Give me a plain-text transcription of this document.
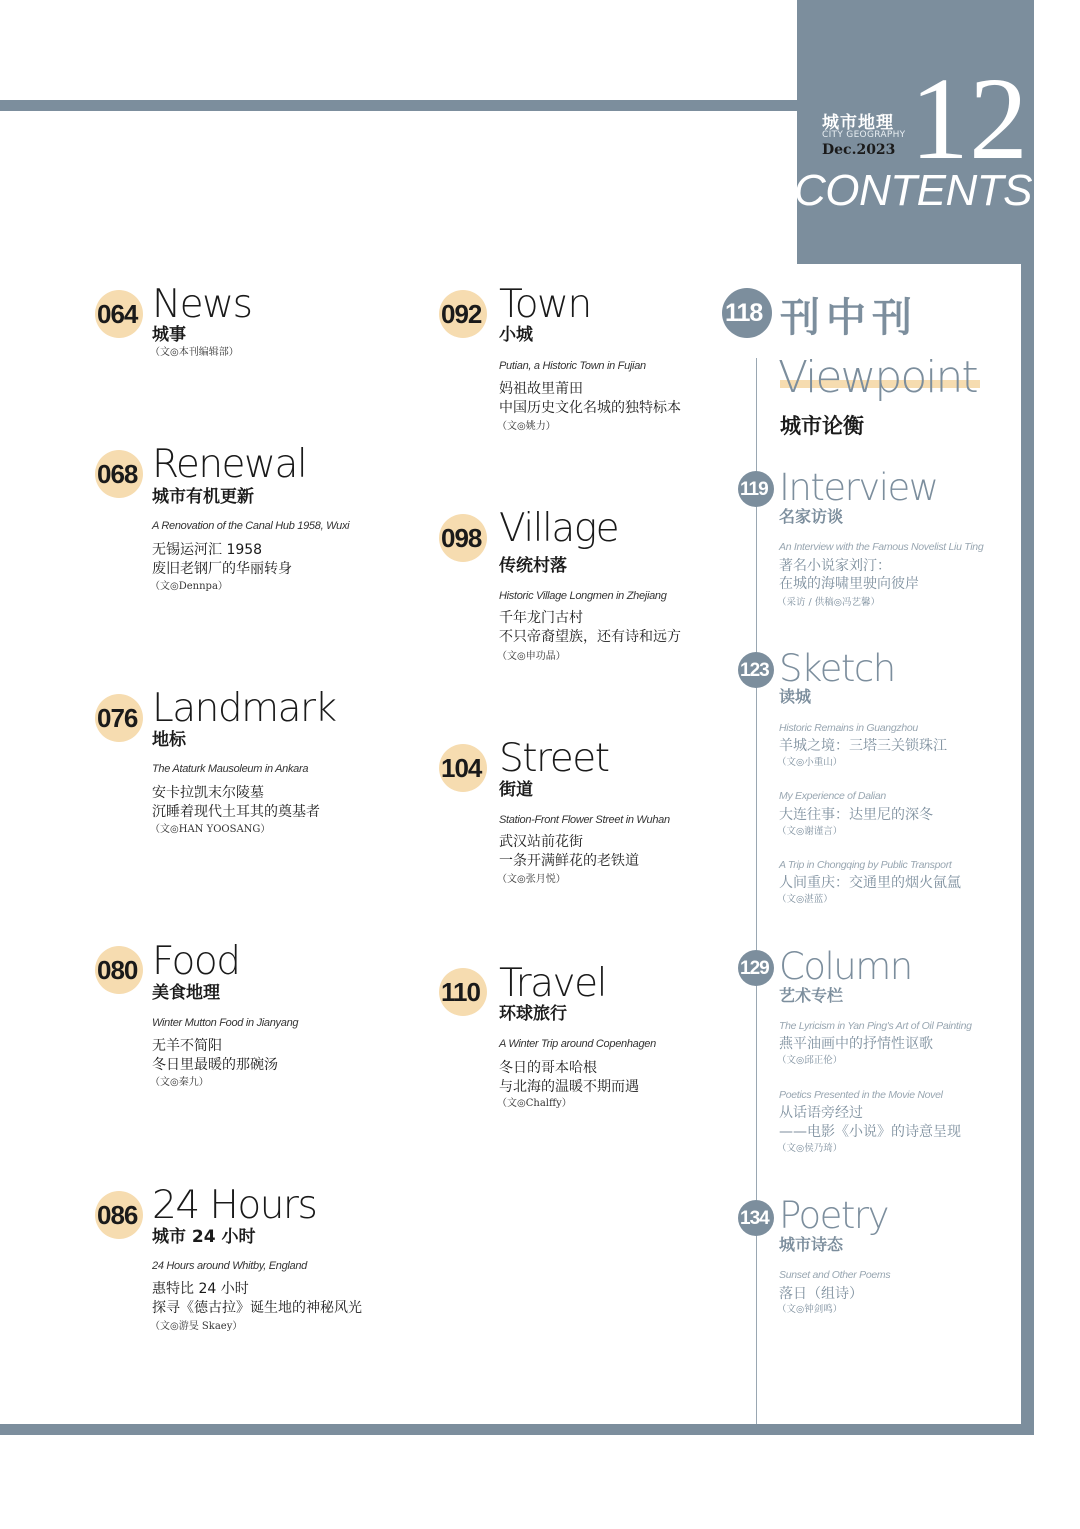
城市地理
CITY GEOGRAPHY
Dec.2023 12
CONTENTS
064 News
城事
（文◎本刊编辑部）
068 Renewal
城市有机更新
A Renovation of the Canal Hub 1958, Wuxi
无锡运河汇 1958
废旧老钢厂的华丽转身
（文◎Dennpa）
076 Landmark
地标
The Ataturk Mausoleum in Ankara
安卡拉凯末尔陵墓
沉睡着现代土耳其的奠基者
（文◎HAN YOOSANG）
080 Food
美食地理
Winter Mutton Food in Jianyang
无羊不简阳
冬日里最暖的那碗汤
（文◎秦九）
086 24 Hours
城市 24 小时
24 Hours around Whitby, England
惠特比 24 小时
探寻《德古拉》诞生地的神秘风光
（文◎游旻 Skaey）
092 Town
小城
Putian, a Historic Town in Fujian
妈祖故里莆田
中国历史文化名城的独特标本
（文◎姚力）
098 Village
传统村落
Historic Village Longmen in Zhejiang
千年龙门古村
不只帝裔望族，还有诗和远方
（文◎申功晶）
104 Street
街道
Station-Front Flower Street in Wuhan
武汉站前花街
一条开满鲜花的老铁道
（文◎张月悦）
110 Travel
环球旅行
A Winter Trip around Copenhagen
冬日的哥本哈根
与北海的温暖不期而遇
（文◎Chalffy）
118 刊中刊
Viewpoint
城市论衡
119 Interview
名家访谈
An Interview with the Famous Novelist Liu Ting
著名小说家刘汀：
在城的海啸里驶向彼岸
（采访 / 供稿◎冯艺馨）
123 Sketch
读城
Historic Remains in Guangzhou
羊城之境：三塔三关锁珠江
（文◎小重山）
My Experience of Dalian
大连往事：达里尼的深冬
（文◎谢谨言）
A Trip in Chongqing by Public Transport
人间重庆：交通里的烟火氤氲
（文◎湛蓝）
129 Column
艺术专栏
The Lyricism in Yan Ping's Art of Oil Painting
燕平油画中的抒情性讴歌
（文◎邱正伦）
Poetics Presented in the Movie Novel
从话语旁经过
——电影《小说》的诗意呈现
（文◎侯乃琦）
134 Poetry
城市诗态
Sunset and Other Poems
落日（组诗）
（文◎钟剑鸣）
